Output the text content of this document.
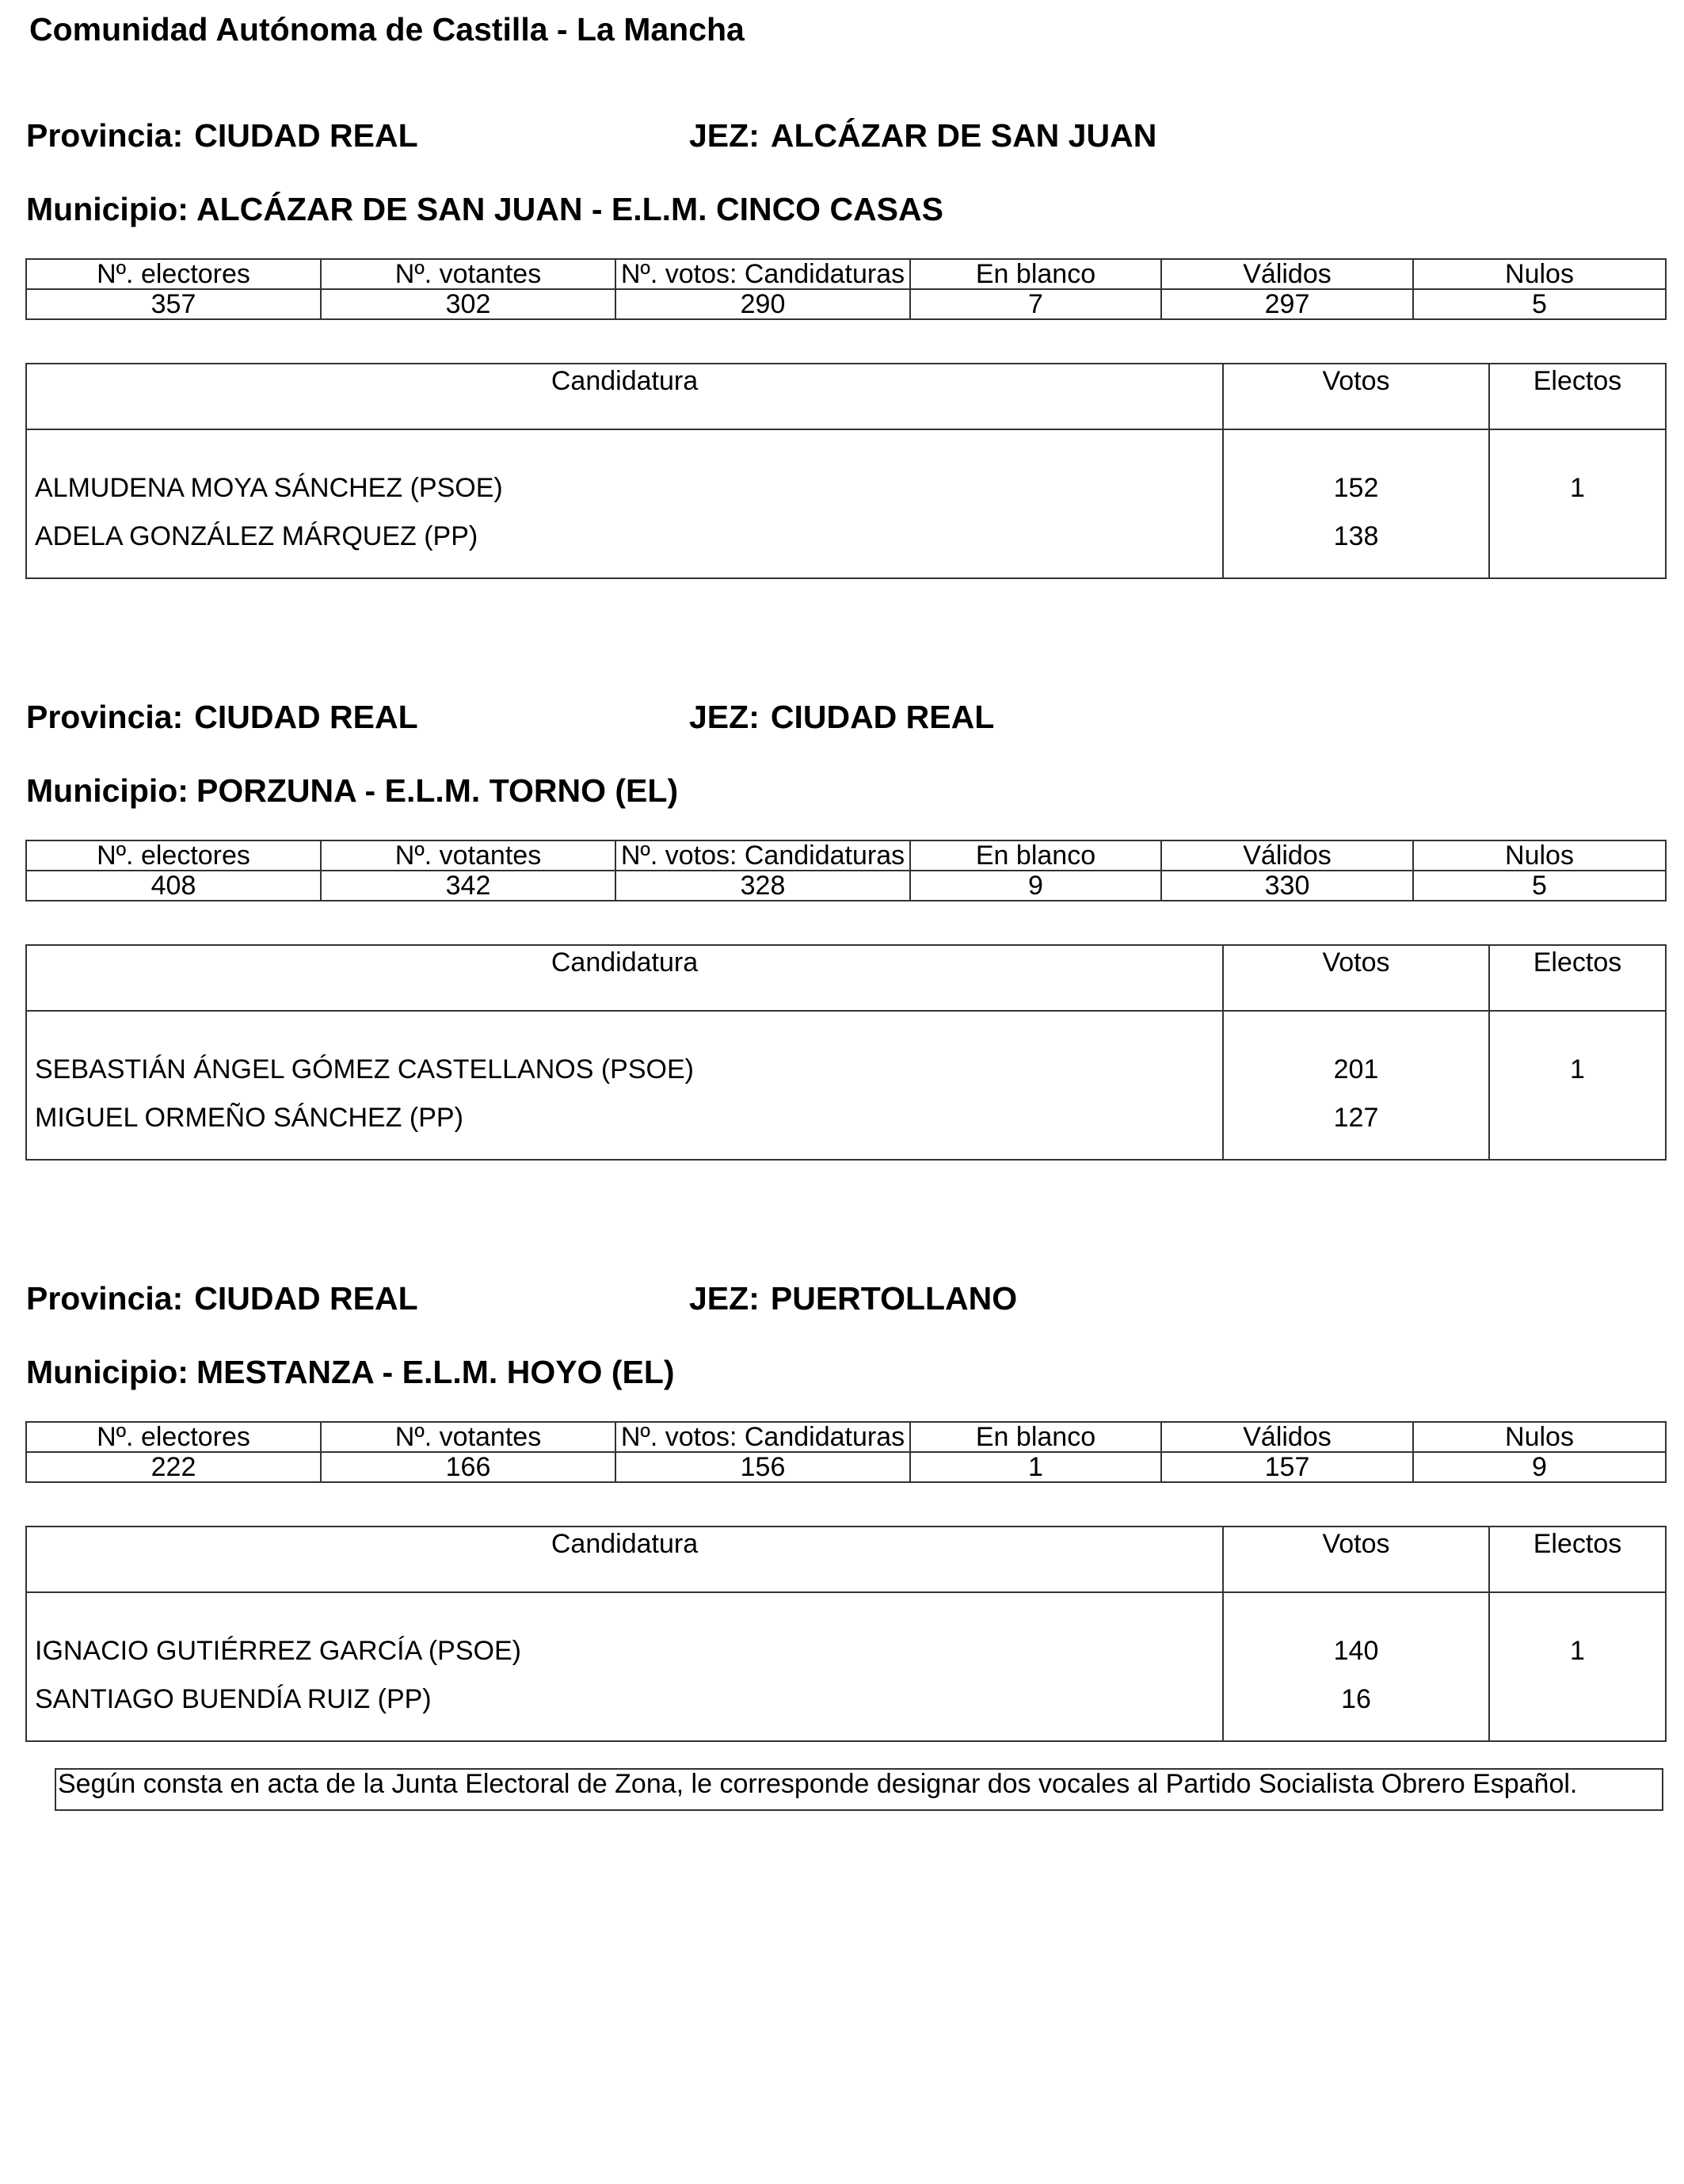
Comunidad Autónoma de Castilla - La Mancha
Provincia: CIUDAD REAL	JEZ: ALCÁZAR DE SAN JUAN
Municipio: ALCÁZAR DE SAN JUAN - E.L.M. CINCO CASAS
Nº. electores	Nº. votantes	Nº. votos: Candidaturas	En blanco	Válidos	Nulos
357	302	290	7	297	5
Candidatura	Votos	Electos
ALMUDENA MOYA SÁNCHEZ (PSOE)	152	1
ADELA GONZÁLEZ MÁRQUEZ (PP)	138	
Provincia: CIUDAD REAL	JEZ: CIUDAD REAL
Municipio: PORZUNA - E.L.M. TORNO (EL)
Nº. electores	Nº. votantes	Nº. votos: Candidaturas	En blanco	Válidos	Nulos
408	342	328	9	330	5
Candidatura	Votos	Electos
SEBASTIÁN ÁNGEL GÓMEZ CASTELLANOS (PSOE)	201	1
MIGUEL ORMEÑO SÁNCHEZ (PP)	127	
Provincia: CIUDAD REAL	JEZ: PUERTOLLANO
Municipio: MESTANZA - E.L.M. HOYO (EL)
Nº. electores	Nº. votantes	Nº. votos: Candidaturas	En blanco	Válidos	Nulos
222	166	156	1	157	9
Candidatura	Votos	Electos
IGNACIO GUTIÉRREZ GARCÍA (PSOE)	140	1
SANTIAGO BUENDÍA RUIZ (PP)	16	
Según consta en acta de la Junta Electoral de Zona, le corresponde designar dos vocales al Partido Socialista Obrero Español.
